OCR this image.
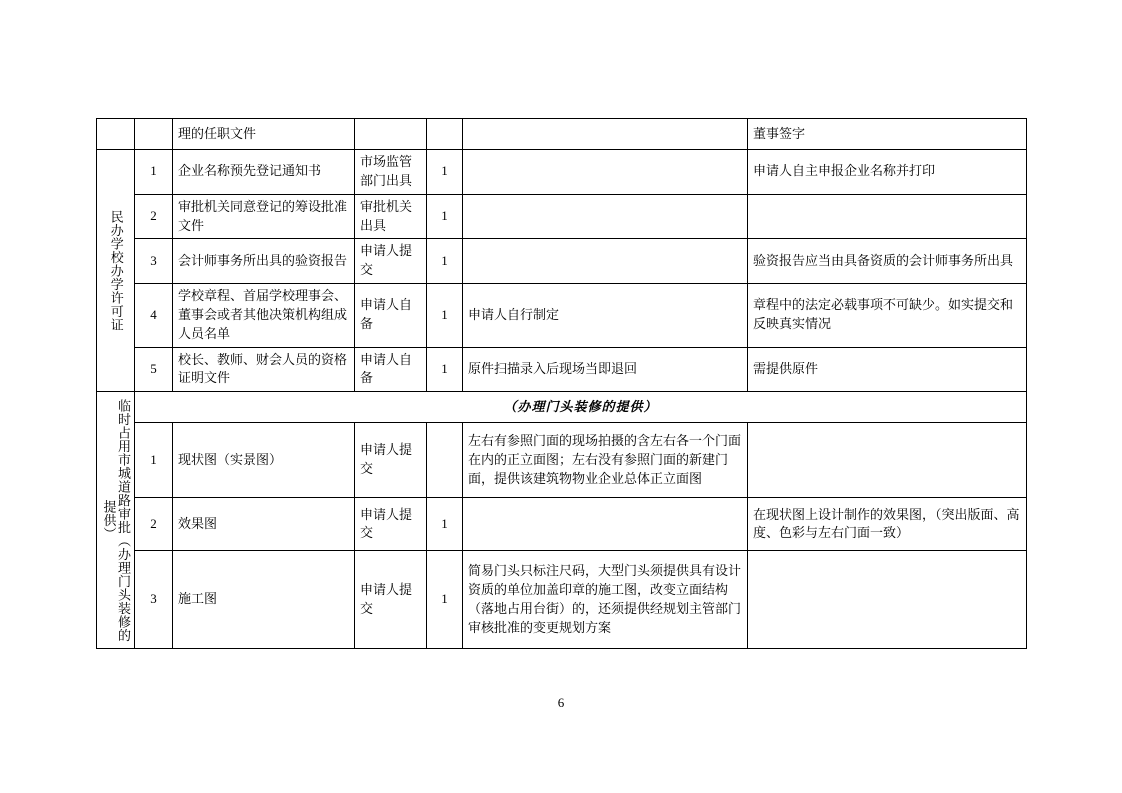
		理的任职文件				董事签字

民办学校办学许可证	1	企业名称预先登记通知书	市场监管部门出具	1		申请人自主申报企业名称并打印
	2	审批机关同意登记的筹设批准文件	审批机关出具	1		
	3	会计师事务所出具的验资报告	申请人提交	1		验资报告应当由具备资质的会计师事务所出具
	4	学校章程、首届学校理事会、董事会或者其他决策机构组成人员名单	申请人自备	1	申请人自行制定	章程中的法定必载事项不可缺少。如实提交和反映真实情况
	5	校长、教师、财会人员的资格证明文件	申请人自备	1	原件扫描录入后现场当即退回	需提供原件

临时占用市城道路审批（办理门头装修的提供）	（办理门头装修的提供）					
	1	现状图（实景图）	申请人提交		左右有参照门面的现场拍摄的含左右各一个门面在内的正立面图；左右没有参照门面的新建门面，提供该建筑物物业企业总体正立面图	
	2	效果图	申请人提交	1		在现状图上设计制作的效果图，（突出版面、高度、色彩与左右门面一致）
	3	施工图	申请人提交	1	简易门头只标注尺码，大型门头须提供具有设计资质的单位加盖印章的施工图，改变立面结构（落地占用台街）的，还须提供经规划主管部门审核批准的变更规划方案	
6
